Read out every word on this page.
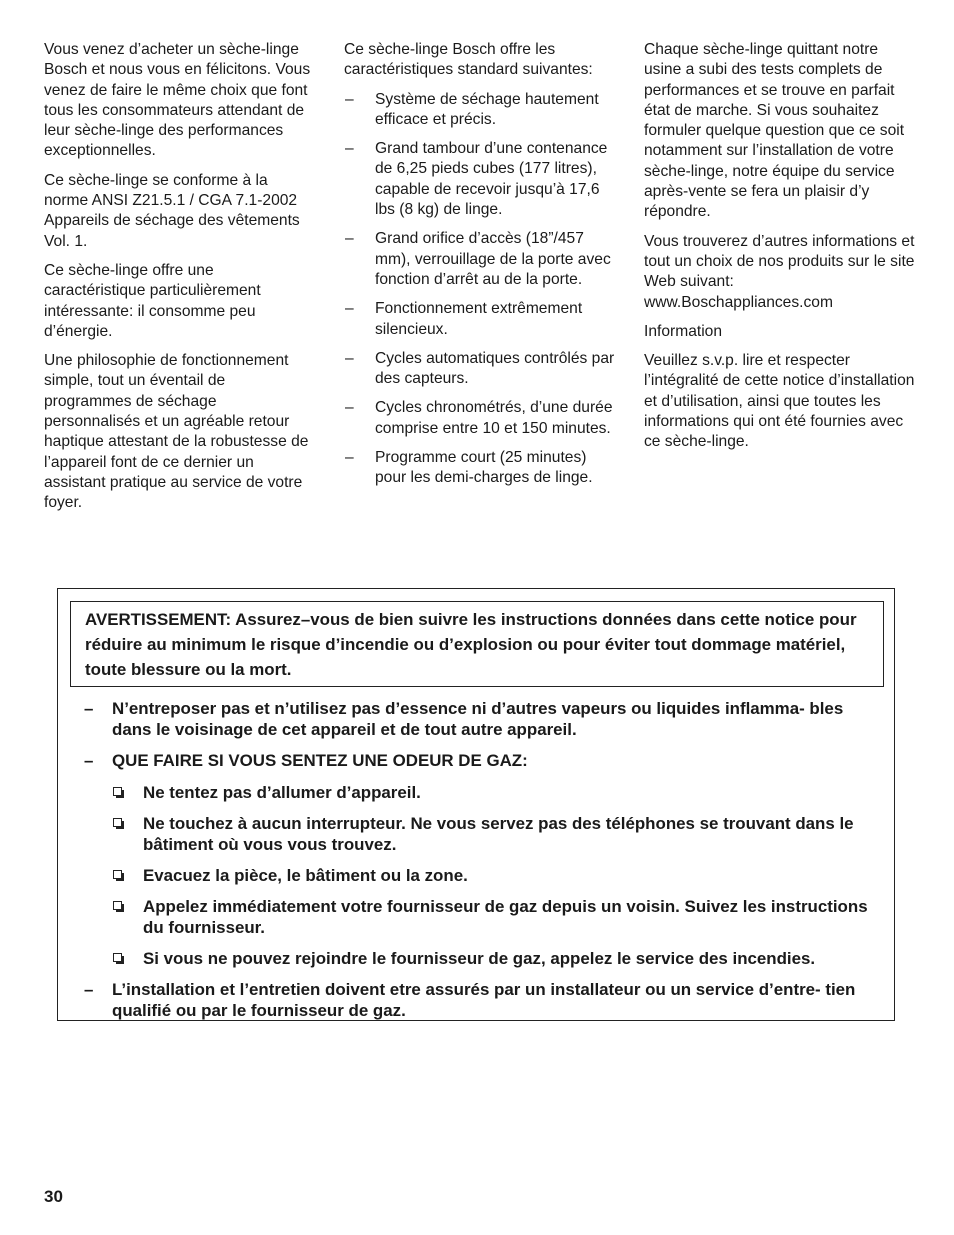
Vous venez d’acheter un sèche-linge Bosch et nous vous en félicitons. Vous venez de faire le même choix que font tous les consommateurs attendant de leur sèche-linge des performances exceptionnelles.

Ce sèche-linge se conforme à la norme ANSI Z21.5.1 / CGA 7.1-2002 Appareils de séchage des vêtements Vol. 1.

Ce sèche-linge offre une caractéristique particulièrement intéressante: il consomme peu d’énergie.

Une philosophie de fonctionnement simple, tout un éventail de programmes de séchage personnalisés et un agréable retour haptique attestant de la robustesse de l’appareil font de ce dernier un assistant pratique au service de votre foyer.

Ce sèche-linge Bosch offre les caractéristiques standard suivantes:

– Système de séchage hautement efficace et précis.
– Grand tambour d’une contenance de 6,25 pieds cubes (177 litres), capable de recevoir jusqu’à 17,6 lbs (8 kg) de linge.
– Grand orifice d’accès (18”/457 mm), verrouillage de la porte avec fonction d’arrêt au de la porte.
– Fonctionnement extrêmement silencieux.
– Cycles automatiques contrôlés par des capteurs.
– Cycles chronométrés, d’une durée comprise entre 10 et 150 minutes.
– Programme court (25 minutes) pour les demi-charges de linge.

Chaque sèche-linge quittant notre usine a subi des tests complets de performances et se trouve en parfait état de marche. Si vous souhaitez formuler quelque question que ce soit notamment sur l’installation de votre sèche-linge, notre équipe du service après-vente se fera un plaisir d’y répondre.

Vous trouverez d’autres informations et tout un choix de nos produits sur le site Web suivant: www.Boschappliances.com

Information

Veuillez s.v.p. lire et respecter l’intégralité de cette notice d’installation et d’utilisation, ainsi que toutes les informations qui ont été fournies avec ce sèche-linge.

AVERTISSEMENT: Assurez–vous de bien suivre les instructions données dans cette notice pour réduire au minimum le risque d’incendie ou d’explosion ou pour éviter tout dommage matériel, toute blessure ou la mort.
– N’entreposer pas et n’utilisez pas d’essence ni d’autres vapeurs ou liquides inflamma- bles dans le voisinage de cet appareil et de tout autre appareil.
– QUE FAIRE SI VOUS SENTEZ UNE ODEUR DE GAZ:
Ne tentez pas d’allumer d’appareil.
Ne touchez à aucun interrupteur. Ne vous servez pas des téléphones se trouvant dans le bâtiment où vous vous trouvez.
Evacuez la pièce, le bâtiment ou la zone.
Appelez immédiatement votre fournisseur de gaz depuis un voisin. Suivez les instructions du fournisseur.
Si vous ne pouvez rejoindre le fournisseur de gaz, appelez le service des incendies.
– L’installation et l’entretien doivent etre assurés par un installateur ou un service d’entre- tien qualifié ou par le fournisseur de gaz.
30
